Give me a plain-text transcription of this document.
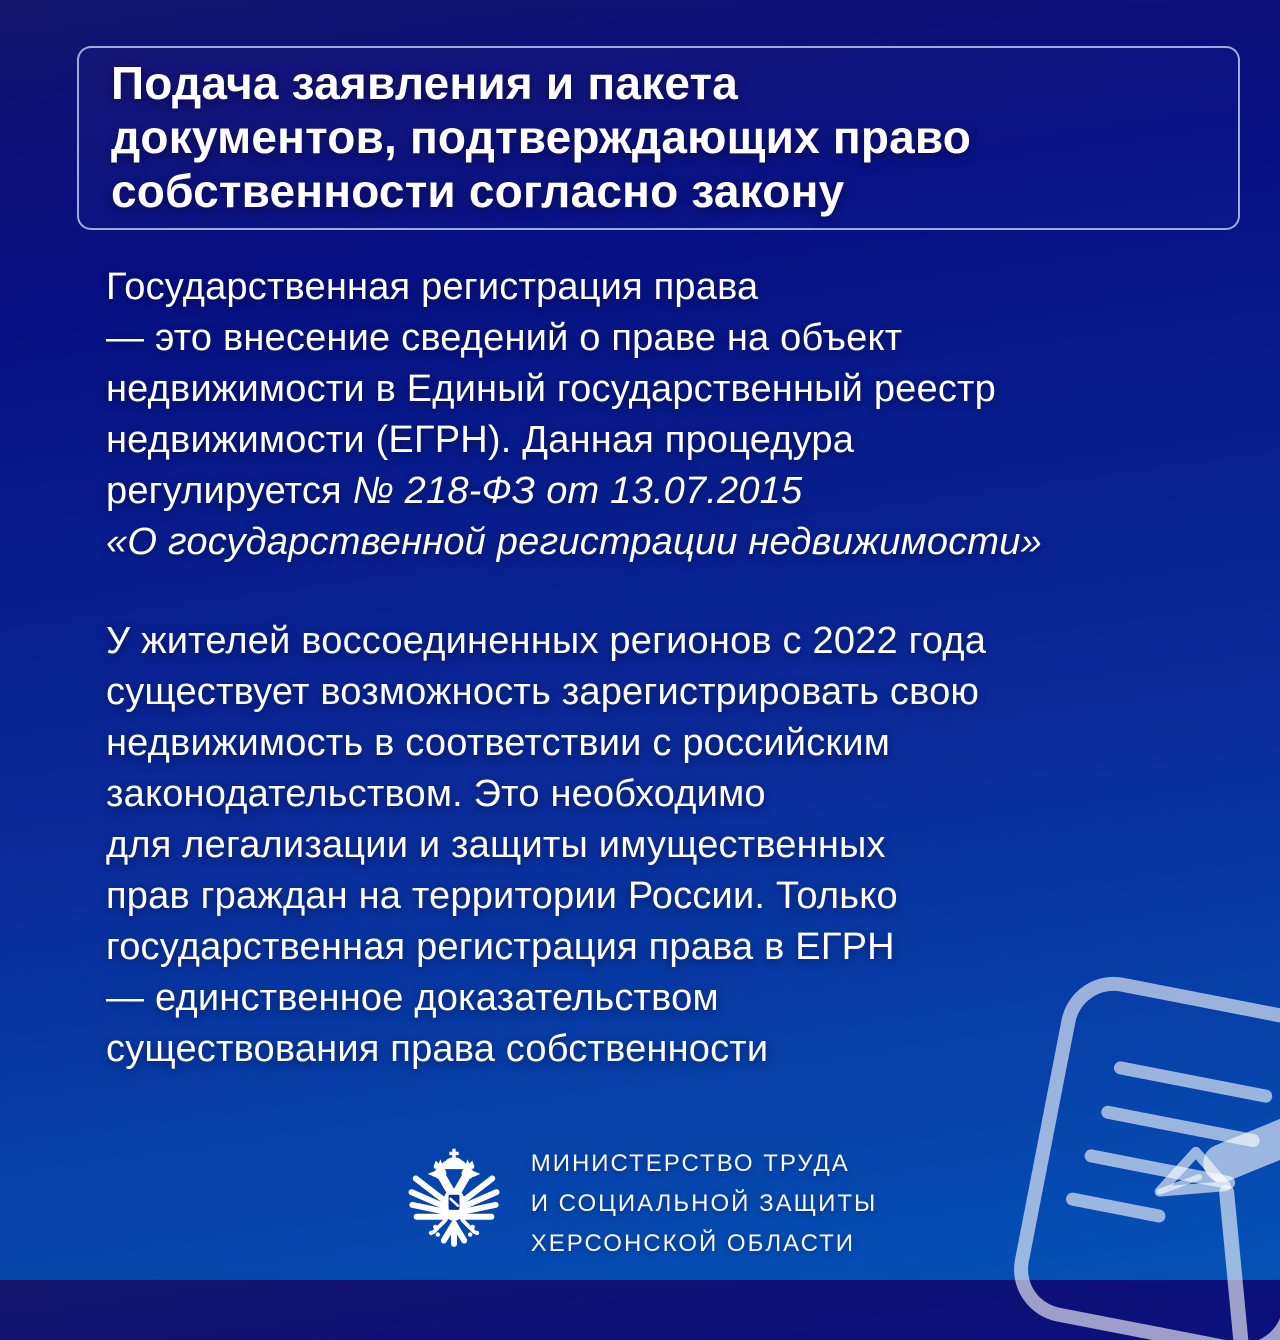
Подача заявления и пакета
документов, подтверждающих право
собственности согласно закону
Государственная регистрация права
— это внесение сведений о праве на объект
недвижимости в Единый государственный реестр
недвижимости (ЕГРН). Данная процедура
регулируется № 218-ФЗ от 13.07.2015
«О государственной регистрации недвижимости»
У жителей воссоединенных регионов с 2022 года
существует возможность зарегистрировать свою
недвижимость в соответствии с российским
законодательством. Это необходимо
для легализации и защиты имущественных
прав граждан на территории России. Только
государственная регистрация права в ЕГРН
— единственное доказательством
существования права собственности
МИНИСТЕРСТВО ТРУДА
И СОЦИАЛЬНОЙ ЗАЩИТЫ
ХЕРСОНСКОЙ ОБЛАСТИ
